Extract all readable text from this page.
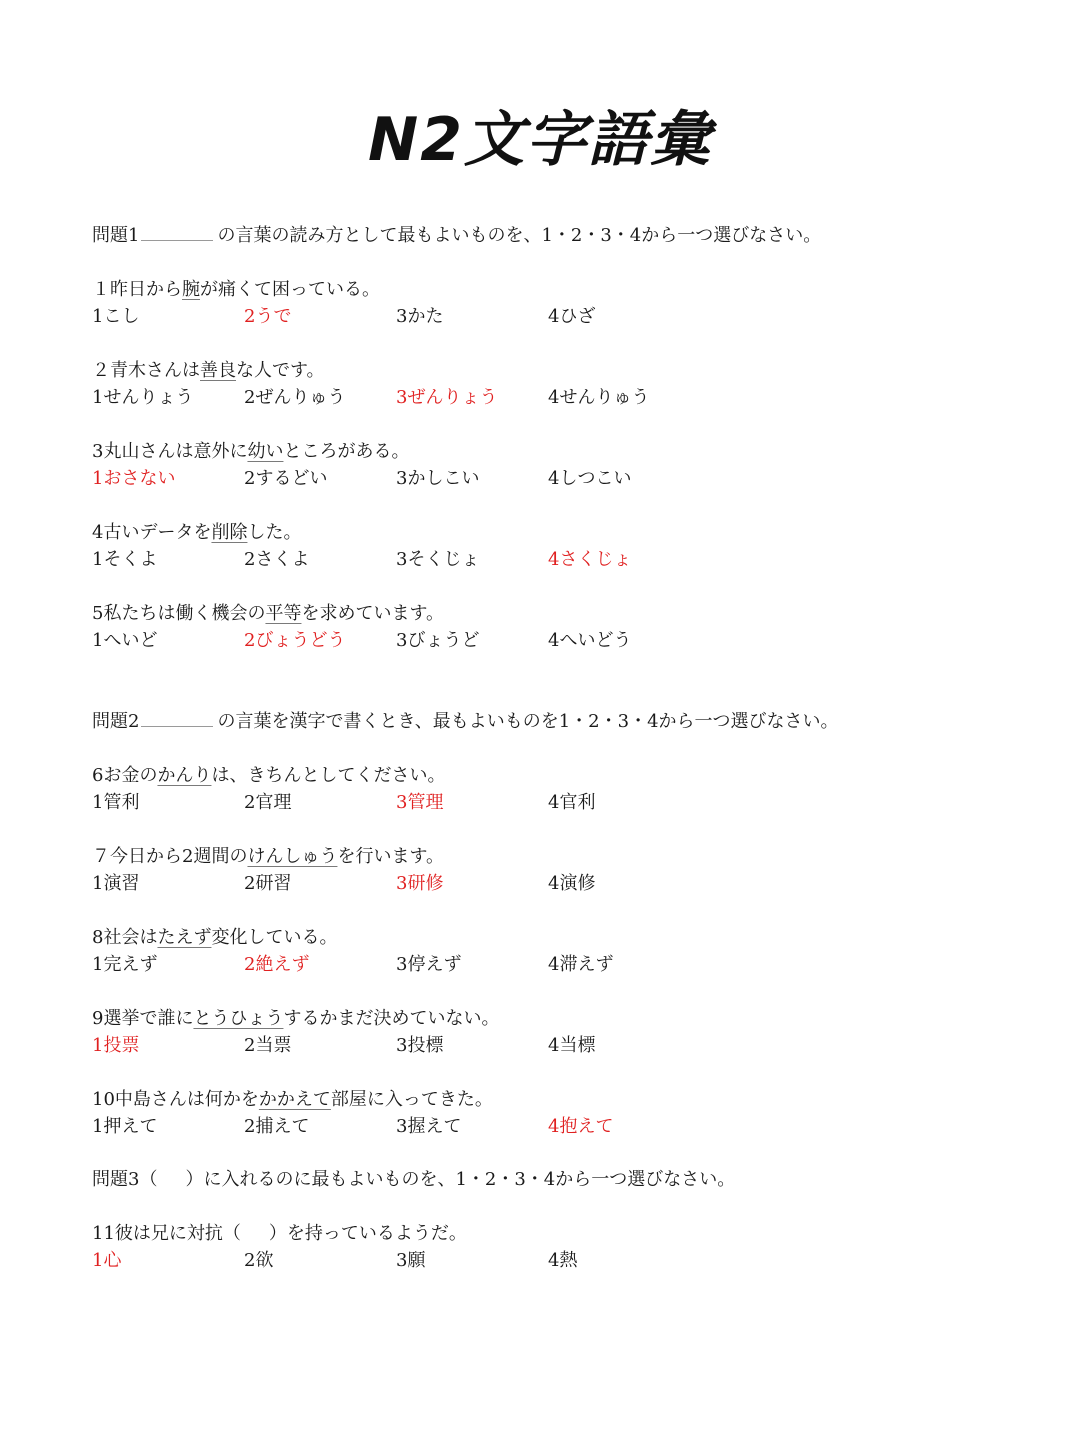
N2文字語彙
問題1	の言葉の読み方として最もよいものを、1・2・3・4から一つ選びなさい。
１昨日から腕が痛くて困っている。
1こし	2うで	3かた	4ひざ
２青木さんは善良な人です。
1せんりょう	2ぜんりゅう	3ぜんりょう	4せんりゅう
3丸山さんは意外に幼いところがある。
1おさない	2するどい	3かしこい	4しつこい
4古いデータを削除した。
1そくよ	2さくよ	3そくじょ	4さくじょ
5私たちは働く機会の平等を求めています。
1へいど	2びょうどう	3びょうど	4へいどう
6お金のかんりは、きちんとしてください。
1管利	2官理	3管理	4官利
７今日から2週間のけんしゅうを行います。
1演習	2研習	3研修	4演修
8社会はたえず変化している。
1完えず	2絶えず	3停えず	4滞えず
9選挙で誰にとうひょうするかまだ決めていない。
1投票	2当票	3投標	4当標
10中島さんは何かをかかえて部屋に入ってきた。
1押えて	2捕えて	3握えて	4抱えて
11彼は兄に対抗（ ）を持っているようだ。
1心	2欲	3願	4熱
問題2	の言葉を漢字で書くとき、最もよいものを1・2・3・4から一つ選びなさい。
問題3（ ）に入れるのに最もよいものを、1・2・3・4から一つ選びなさい。
